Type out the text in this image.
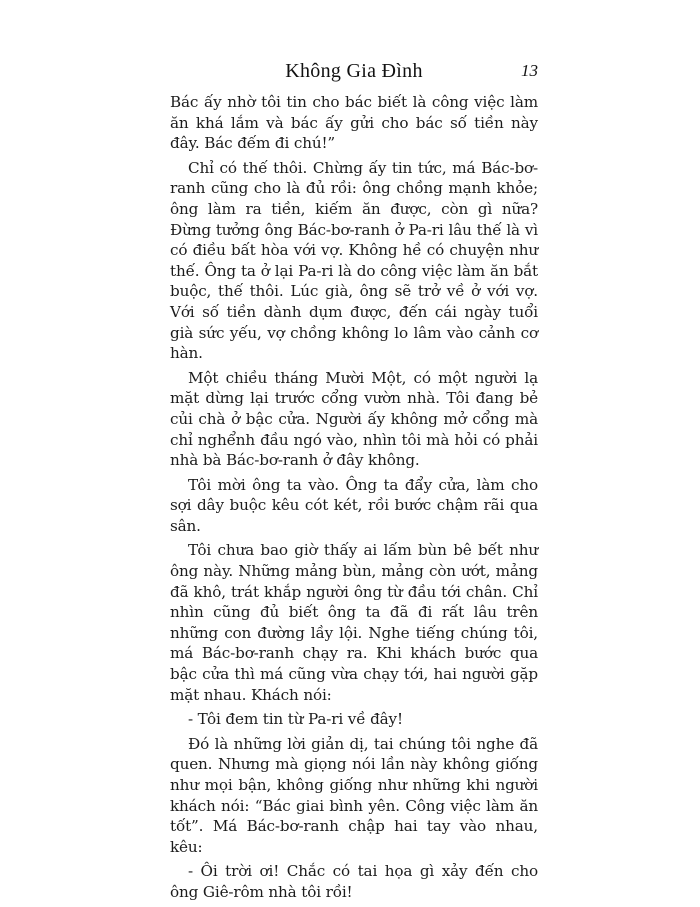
Không Gia Đình	13

Bác ấy nhờ tôi tin cho bác biết là công việc làm ăn khá lắm và bác ấy gửi cho bác số tiền này đây. Bác đếm đi chú!”

Chỉ có thế thôi. Chừng ấy tin tức, má Bác-bơ-ranh cũng cho là đủ rồi: ông chồng mạnh khỏe; ông làm ra tiền, kiếm ăn được, còn gì nữa? Đừng tưởng ông Bác-bơ-ranh ở Pa-ri lâu thế là vì có điều bất hòa với vợ. Không hề có chuyện như thế. Ông ta ở lại Pa-ri là do công việc làm ăn bắt buộc, thế thôi. Lúc già, ông sẽ trở về ở với vợ. Với số tiền dành dụm được, đến cái ngày tuổi già sức yếu, vợ chồng không lo lâm vào cảnh cơ hàn.

Một chiều tháng Mười Một, có một người lạ mặt dừng lại trước cổng vườn nhà. Tôi đang bẻ củi chà ở bậc cửa. Người ấy không mở cổng mà chỉ nghểnh đầu ngó vào, nhìn tôi mà hỏi có phải nhà bà Bác-bơ-ranh ở đây không.

Tôi mời ông ta vào. Ông ta đẩy cửa, làm cho sợi dây buộc kêu cót két, rồi bước chậm rãi qua sân.

Tôi chưa bao giờ thấy ai lấm bùn bê bết như ông này. Những mảng bùn, mảng còn ướt, mảng đã khô, trát khắp người ông từ đầu tới chân. Chỉ nhìn cũng đủ biết ông ta đã đi rất lâu trên những con đường lầy lội. Nghe tiếng chúng tôi, má Bác-bơ-ranh chạy ra. Khi khách bước qua bậc cửa thì má cũng vừa chạy tới, hai người gặp mặt nhau. Khách nói:

- Tôi đem tin từ Pa-ri về đây!

Đó là những lời giản dị, tai chúng tôi nghe đã quen. Nhưng mà giọng nói lần này không giống như mọi bận, không giống như những khi người khách nói: “Bác giai bình yên. Công việc làm ăn tốt”. Má Bác-bơ-ranh chập hai tay vào nhau, kêu:

- Ôi trời ơi! Chắc có tai họa gì xảy đến cho ông Giê-rôm nhà tôi rồi!
